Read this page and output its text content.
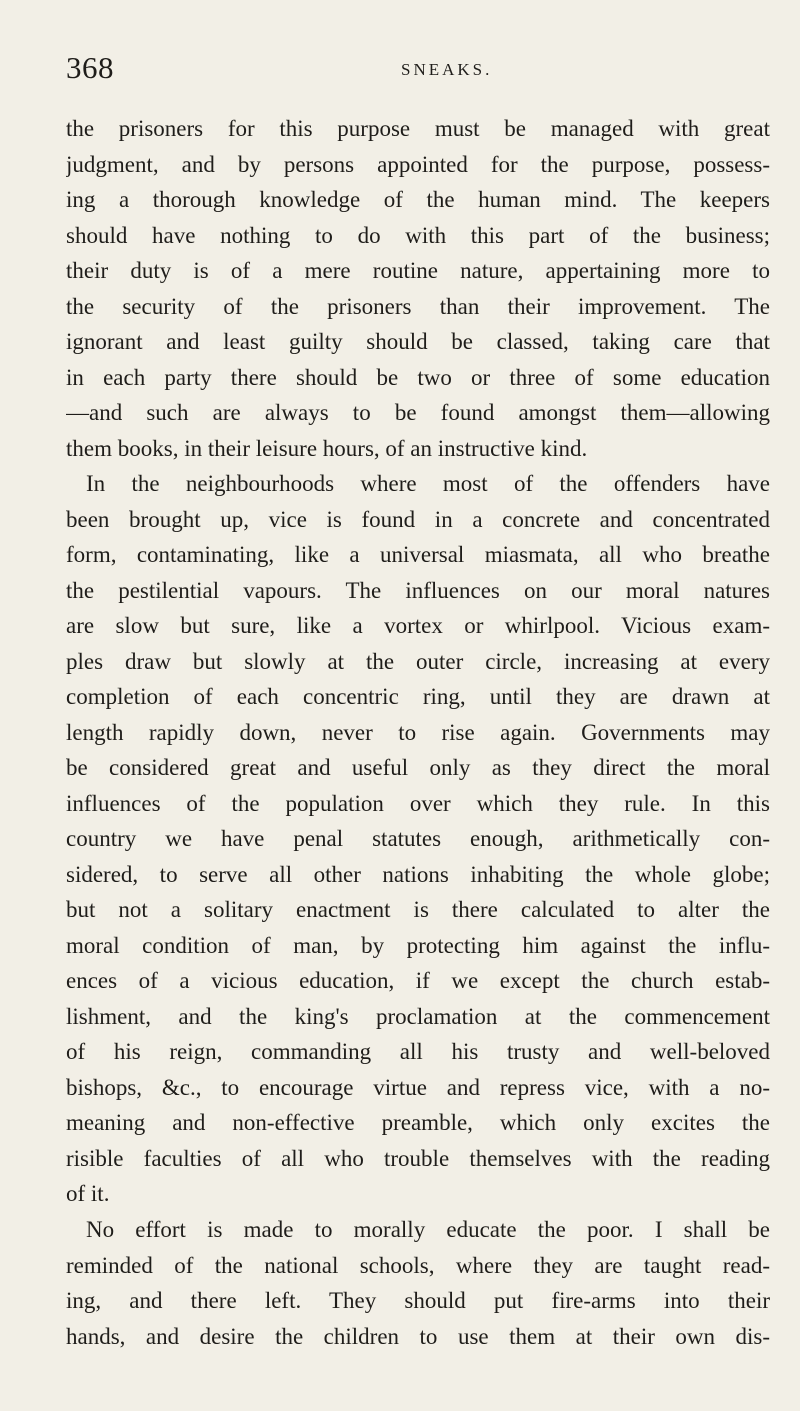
368	SNEAKS.
the prisoners for this purpose must be managed with great
judgment, and by persons appointed for the purpose, possess-
ing a thorough knowledge of the human mind. The keepers
should have nothing to do with this part of the business;
their duty is of a mere routine nature, appertaining more to
the security of the prisoners than their improvement. The
ignorant and least guilty should be classed, taking care that
in each party there should be two or three of some education
—and such are always to be found amongst them—allowing
them books, in their leisure hours, of an instructive kind.
In the neighbourhoods where most of the offenders have
been brought up, vice is found in a concrete and concentrated
form, contaminating, like a universal miasmata, all who breathe
the pestilential vapours. The influences on our moral natures
are slow but sure, like a vortex or whirlpool. Vicious exam-
ples draw but slowly at the outer circle, increasing at every
completion of each concentric ring, until they are drawn at
length rapidly down, never to rise again. Governments may
be considered great and useful only as they direct the moral
influences of the population over which they rule. In this
country we have penal statutes enough, arithmetically con-
sidered, to serve all other nations inhabiting the whole globe;
but not a solitary enactment is there calculated to alter the
moral condition of man, by protecting him against the influ-
ences of a vicious education, if we except the church estab-
lishment, and the king's proclamation at the commencement
of his reign, commanding all his trusty and well-beloved
bishops, &c., to encourage virtue and repress vice, with a no-
meaning and non-effective preamble, which only excites the
risible faculties of all who trouble themselves with the reading
of it.
No effort is made to morally educate the poor. I shall be
reminded of the national schools, where they are taught read-
ing, and there left. They should put fire-arms into their
hands, and desire the children to use them at their own dis-
